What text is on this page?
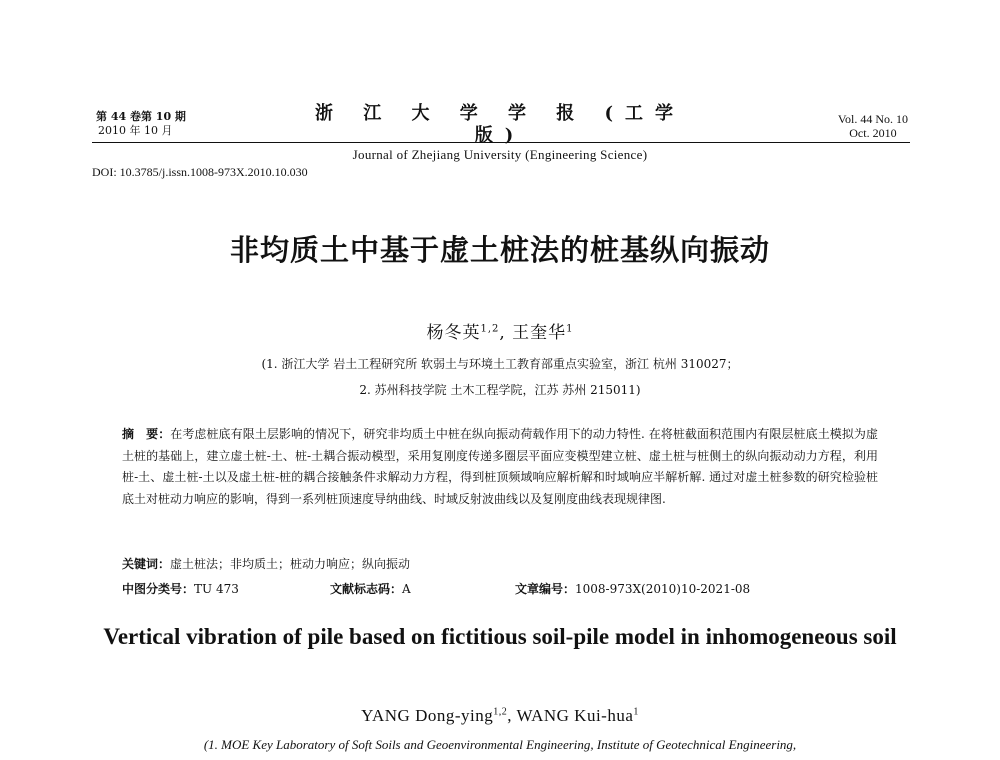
第 44 卷第 10 期
2010 年 10 月
浙 江 大 学 学 报 (工学版)
Journal of Zhejiang University (Engineering Science)
Vol. 44 No. 10
Oct. 2010
DOI: 10.3785/j.issn.1008-973X.2010.10.030
非均质土中基于虚土桩法的桩基纵向振动
杨冬英$^{1,2}$, 王奎华$^1$
(1. 浙江大学 岩土工程研究所 软弱土与环境土工教育部重点实验室，浙江 杭州 310027；
2. 苏州科技学院 土木工程学院，江苏 苏州 215011)
摘　要：在考虑桩底有限土层影响的情况下，研究非均质土中桩在纵向振动荷载作用下的动力特性. 在将桩截面积范围内有限层桩底土模拟为虚土桩的基础上，建立虚土桩-土、桩-土耦合振动模型，采用复刚度传递多圈层平面应变模型建立桩、虚土桩与桩侧土的纵向振动动力方程，利用桩-土、虚土桩-土以及虚土桩-桩的耦合接触条件求解动力方程，得到桩顶频域响应解析解和时域响应半解析解. 通过对虚土桩参数的研究检验桩底土对桩动力响应的影响，得到一系列桩顶速度导纳曲线、时域反射波曲线以及复刚度曲线表现规律图.
关键词：虚土桩法；非均质土；桩动力响应；纵向振动
中图分类号：TU 473	文献标志码：A	文章编号：1008-973X(2010)10-2021-08
Vertical vibration of pile based on fictitious soil-pile model in inhomogeneous soil
YANG Dong-ying$^{1,2}$, WANG Kui-hua$^1$
(1. MOE Key Laboratory of Soft Soils and Geoenvironmental Engineering, Institute of Geotechnical Engineering,
